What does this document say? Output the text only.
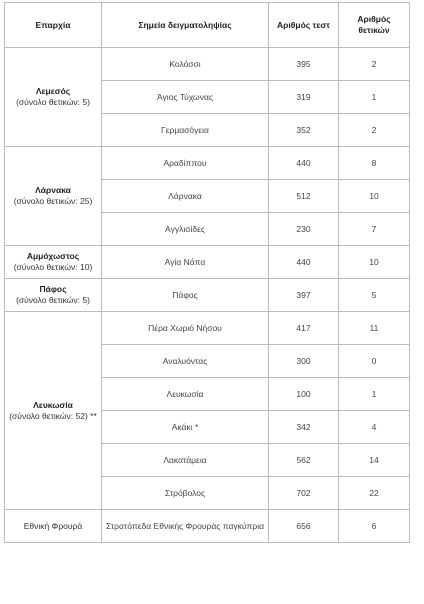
Επαρχία	Σημεία δειγματοληψίας	Αριθμός τεστ	Αριθμός θετικών

Λεμεσός
(σύνολο θετικών: 5)	Κολόσσι	395	2
	Άγιος Τύχωνας	319	1
	Γερμασόγεια	352	2

Λάρνακα
(σύνολο θετικών: 25)	Αραδίππου	440	8
	Λάρνακα	512	10
	Αγγλισίδες	230	7

Αμμόχωστος
(σύνολο θετικών: 10)	Αγία Νάπα	440	10

Πάφος
(σύνολο θετικών: 5)	Πάφος	397	5

Λευκωσία
(σύνολο θετικών: 52) **	Πέρα Χωριό Νήσου	417	11
	Αναλυόντας	300	0
	Λευκωσία	100	1
	Ακάκι *	342	4
	Λακατάμεια	562	14
	Στρόβολος	702	22

Εθνική Φρουρά	Στρατόπεδα Εθνικής Φρουράς παγκύπρια	656	6
